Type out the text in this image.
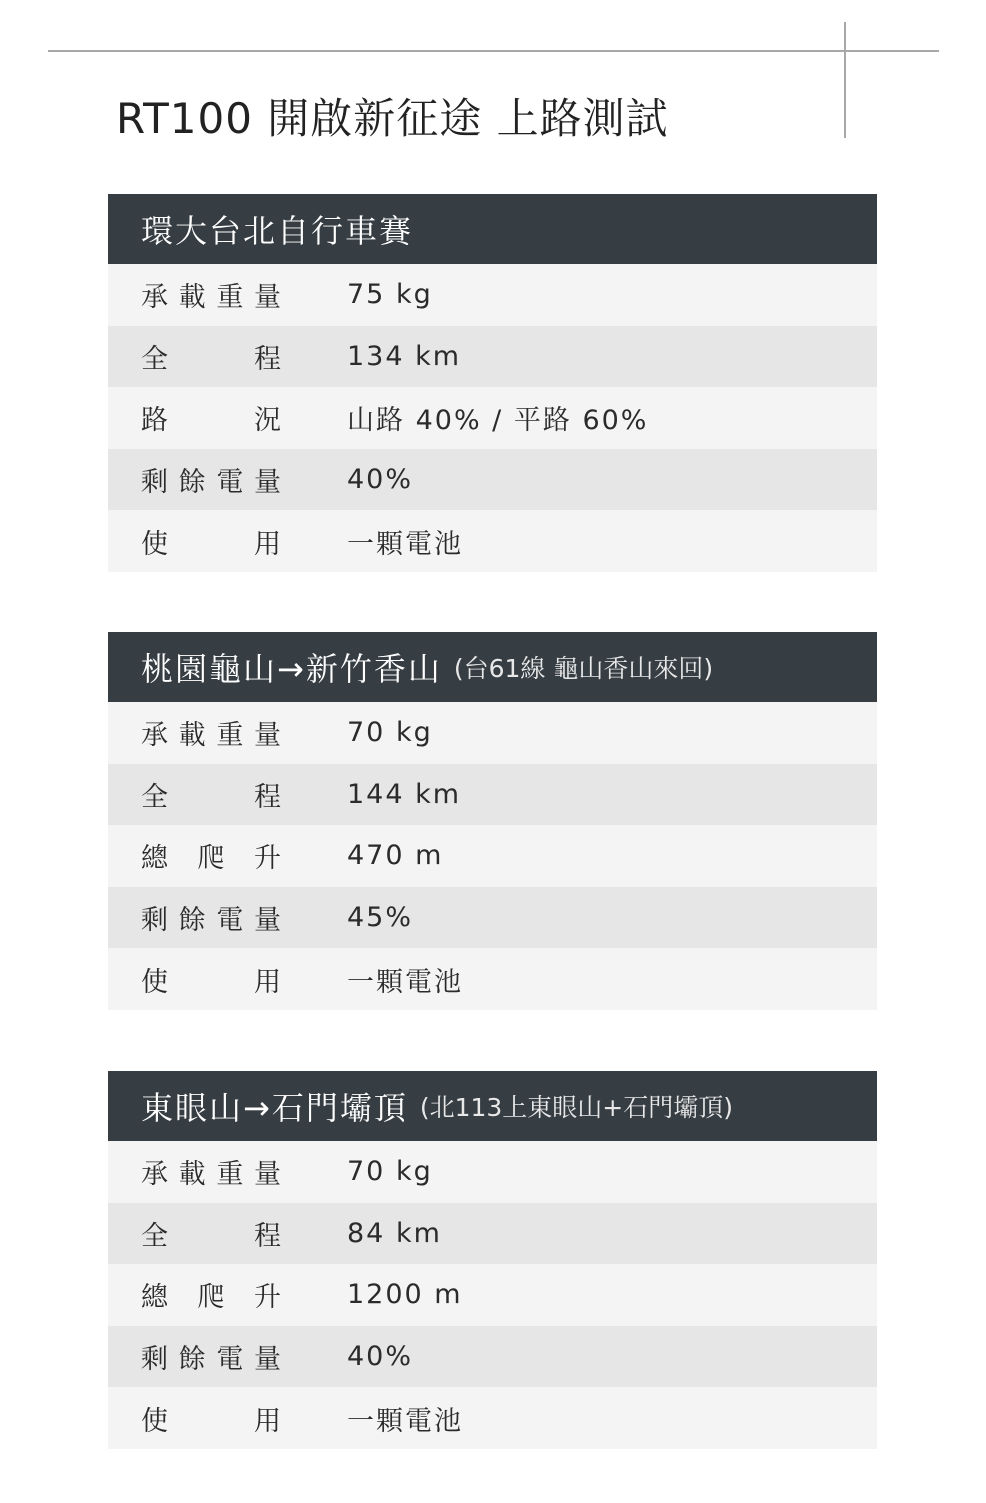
RT100 開啟新征途 上路測試
環大台北自行車賽
承 載 重 量 75 kg
全	程 134 km
路	況 山路 40% / 平路 60%
剩 餘 電 量 40%
使	用 一顆電池
桃園龜山→新竹香山 (台61線 龜山香山來回)
承 載 重 量 70 kg
全	程 144 km
總 爬 升 470 m
剩 餘 電 量 45%
使	用 一顆電池
東眼山→石門壩頂 (北113上東眼山+石門壩頂)
承 載 重 量 70 kg
全	程 84 km
總 爬 升 1200 m
剩 餘 電 量 40%
使	用 一顆電池
